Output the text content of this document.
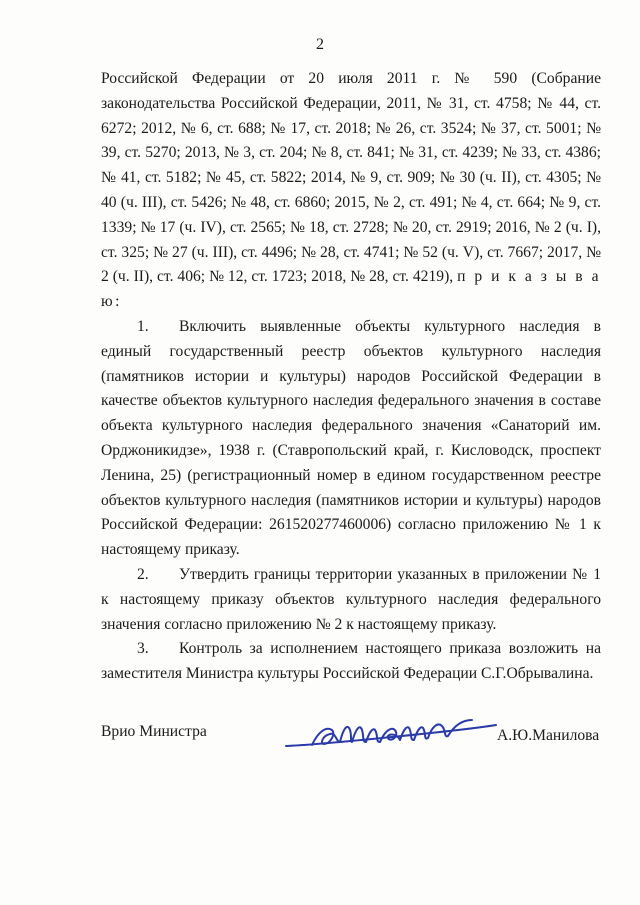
2

Российской Федерации от 20 июля 2011 г. № 590 (Собрание законодательства Российской Федерации, 2011, № 31, ст. 4758; № 44, ст. 6272; 2012, № 6, ст. 688; № 17, ст. 2018; № 26, ст. 3524; № 37, ст. 5001; № 39, ст. 5270; 2013, № 3, ст. 204; № 8, ст. 841; № 31, ст. 4239; № 33, ст. 4386; № 41, ст. 5182; № 45, ст. 5822; 2014, № 9, ст. 909; № 30 (ч. II), ст. 4305; № 40 (ч. III), ст. 5426; № 48, ст. 6860; 2015, № 2, ст. 491; № 4, ст. 664; № 9, ст. 1339; № 17 (ч. IV), ст. 2565; № 18, ст. 2728; № 20, ст. 2919; 2016, № 2 (ч. I), ст. 325; № 27 (ч. III), ст. 4496; № 28, ст. 4741; № 52 (ч. V), ст. 7667; 2017, № 2 (ч. II), ст. 406; № 12, ст. 1723; 2018, № 28, ст. 4219), п р и к а з ы в а ю:

1. Включить выявленные объекты культурного наследия в единый государственный реестр объектов культурного наследия (памятников истории и культуры) народов Российской Федерации в качестве объектов культурного наследия федерального значения в составе объекта культурного наследия федерального значения «Санаторий им. Орджоникидзе», 1938 г. (Ставропольский край, г. Кисловодск, проспект Ленина, 25) (регистрационный номер в едином государственном реестре объектов культурного наследия (памятников истории и культуры) народов Российской Федерации: 261520277460006) согласно приложению № 1 к настоящему приказу.

2. Утвердить границы территории указанных в приложении № 1 к настоящему приказу объектов культурного наследия федерального значения согласно приложению № 2 к настоящему приказу.

3. Контроль за исполнением настоящего приказа возложить на заместителя Министра культуры Российской Федерации С.Г.Обрывалина.

Врио Министра	А.Ю.Манилова
